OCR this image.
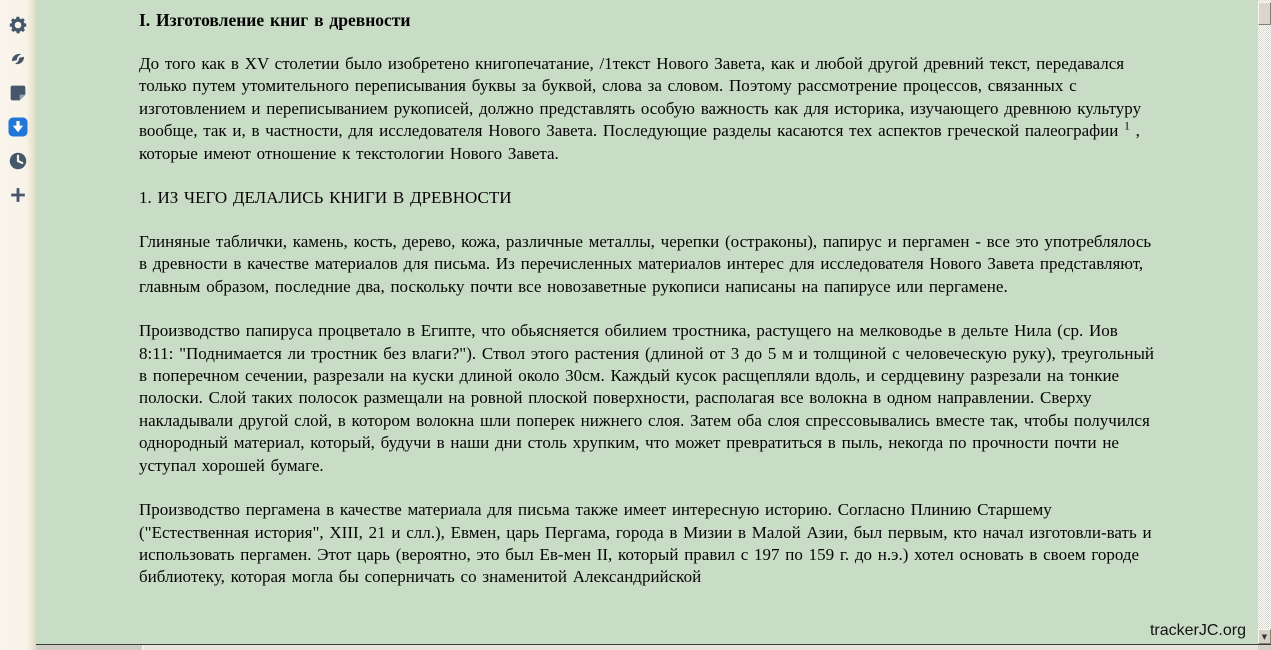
I. Изготовление книг в древности

До того как в XV столетии было изобретено книгопечатание, /1текст Нового Завета, как и любой другой древний текст, передавался только путем утомительного переписывания буквы за буквой, слова за словом. Поэтому рассмотрение процессов, связанных с изготовлением и переписыванием рукописей, должно представлять особую важность как для историка, изучающего древнюю культуру вообще, так и, в частности, для исследователя Нового Завета. Последующие разделы касаются тех аспектов греческой палеографии $^1$ , которые имеют отношение к текстологии Нового Завета.

1. ИЗ ЧЕГО ДЕЛАЛИСЬ КНИГИ В ДРЕВНОСТИ

Глиняные таблички, камень, кость, дерево, кожа, различные металлы, черепки (остраконы), папирус и пергамен - все это употреблялось в древности в качестве материалов для письма. Из перечисленных материалов интерес для исследователя Нового Завета представляют, главным образом, последние два, поскольку почти все новозаветные рукописи написаны на папирусе или пергамене.

Производство папируса процветало в Египте, что обьясняется обилием тростника, растущего на мелководье в дельте Нила (ср. Иов 8:11: "Поднимается ли тростник без влаги?"). Ствол этого растения (длиной от 3 до 5 м и толщиной с человеческую руку), треугольный в поперечном сечении, разрезали на куски длиной около 30см. Каждый кусок расщепляли вдоль, и сердцевину разрезали на тонкие полоски. Слой таких полосок размещали на ровной плоской поверхности, располагая все волокна в одном направлении. Сверху накладывали другой слой, в котором волокна шли поперек нижнего слоя. Затем оба слоя спрессовывались вместе так, чтобы получился однородный материал, который, будучи в наши дни столь хрупким, что может превратиться в пыль, некогда по прочности почти не уступал хорошей бумаге.

Производство пергамена в качестве материала для письма также имеет интересную историю. Согласно Плинию Старшему ("Естественная история", XIII, 21 и слл.), Евмен, царь Пергама, города в Мизии в Малой Азии, был первым, кто начал изготовли-вать и использовать пергамен. Этот царь (вероятно, это был Ев-мен II, который правил с 197 по 159 г. до н.э.) хотел основать в своем городе библиотеку, которая могла бы соперничать со знаменитой Александрийской

trackerJC.org ▼
